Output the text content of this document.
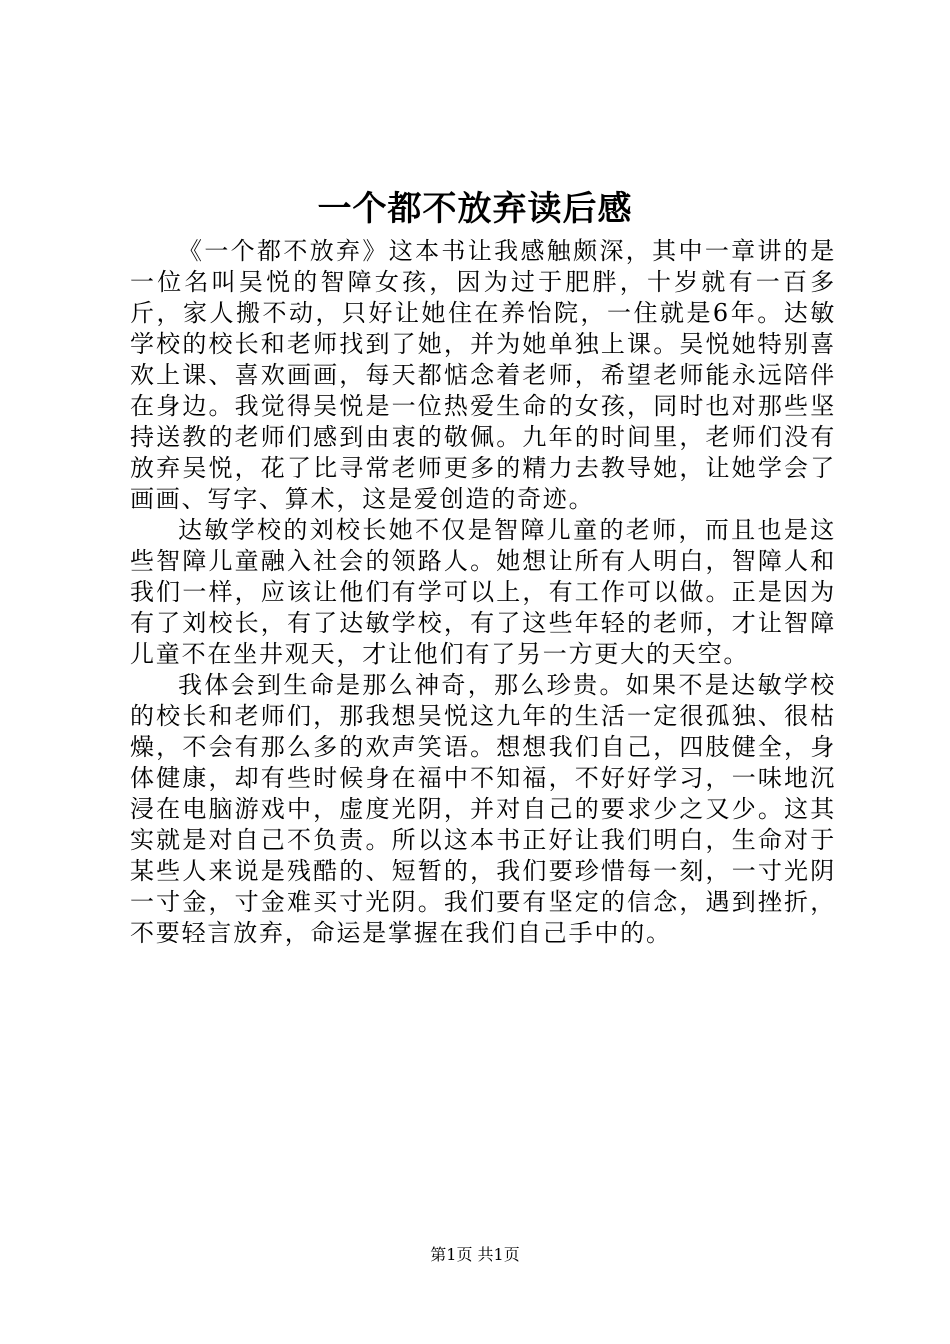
一个都不放弃读后感

《一个都不放弃》这本书让我感触颇深，其中一章讲的是一位名叫吴悦的智障女孩，因为过于肥胖，十岁就有一百多斤，家人搬不动，只好让她住在养怡院，一住就是6年。达敏学校的校长和老师找到了她，并为她单独上课。吴悦她特别喜欢上课、喜欢画画，每天都惦念着老师，希望老师能永远陪伴在身边。我觉得吴悦是一位热爱生命的女孩，同时也对那些坚持送教的老师们感到由衷的敬佩。九年的时间里，老师们没有放弃吴悦，花了比寻常老师更多的精力去教导她，让她学会了画画、写字、算术，这是爱创造的奇迹。

达敏学校的刘校长她不仅是智障儿童的老师，而且也是这些智障儿童融入社会的领路人。她想让所有人明白，智障人和我们一样，应该让他们有学可以上，有工作可以做。正是因为有了刘校长，有了达敏学校，有了这些年轻的老师，才让智障儿童不在坐井观天，才让他们有了另一方更大的天空。

我体会到生命是那么神奇，那么珍贵。如果不是达敏学校的校长和老师们，那我想吴悦这九年的生活一定很孤独、很枯燥，不会有那么多的欢声笑语。想想我们自己，四肢健全，身体健康，却有些时候身在福中不知福，不好好学习，一味地沉浸在电脑游戏中，虚度光阴，并对自己的要求少之又少。这其实就是对自己不负责。所以这本书正好让我们明白，生命对于某些人来说是残酷的、短暂的，我们要珍惜每一刻，一寸光阴一寸金，寸金难买寸光阴。我们要有坚定的信念，遇到挫折，不要轻言放弃，命运是掌握在我们自己手中的。

第1页 共1页
